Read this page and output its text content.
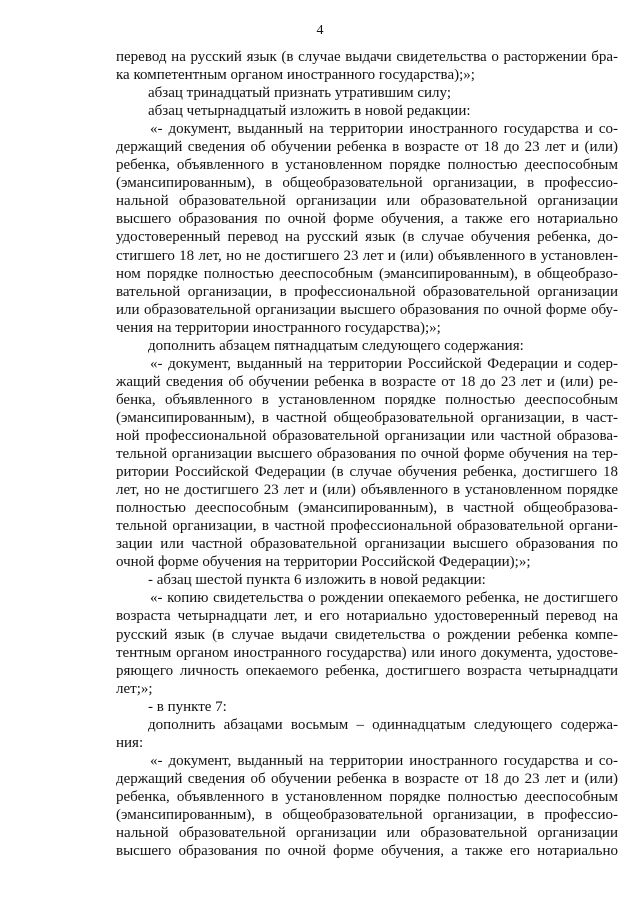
4
перевод на русский язык (в случае выдачи свидетельства о расторжении бра-
ка компетентным органом иностранного государства);»;
абзац тринадцатый признать утратившим силу;
абзац четырнадцатый изложить в новой редакции:
«- документ, выданный на территории иностранного государства и со-
держащий сведения об обучении ребенка в возрасте от 18 до 23 лет и (или)
ребенка, объявленного в установленном порядке полностью дееспособным
(эмансипированным), в общеобразовательной организации, в профессио-
нальной образовательной организации или образовательной организации
высшего образования по очной форме обучения, а также его нотариально
удостоверенный перевод на русский язык (в случае обучения ребенка, до-
стигшего 18 лет, но не достигшего 23 лет и (или) объявленного в установлен-
ном порядке полностью дееспособным (эмансипированным), в общеобразо-
вательной организации, в профессиональной образовательной организации
или образовательной организации высшего образования по очной форме обу-
чения на территории иностранного государства);»;
дополнить абзацем пятнадцатым следующего содержания:
«- документ, выданный на территории Российской Федерации и содер-
жащий сведения об обучении ребенка в возрасте от 18 до 23 лет и (или) ре-
бенка, объявленного в установленном порядке полностью дееспособным
(эмансипированным), в частной общеобразовательной организации, в част-
ной профессиональной образовательной организации или частной образова-
тельной организации высшего образования по очной форме обучения на тер-
ритории Российской Федерации (в случае обучения ребенка, достигшего 18
лет, но не достигшего 23 лет и (или) объявленного в установленном порядке
полностью дееспособным (эмансипированным), в частной общеобразова-
тельной организации, в частной профессиональной образовательной органи-
зации или частной образовательной организации высшего образования по
очной форме обучения на территории Российской Федерации);»;
- абзац шестой пункта 6 изложить в новой редакции:
«- копию свидетельства о рождении опекаемого ребенка, не достигшего
возраста четырнадцати лет, и его нотариально удостоверенный перевод на
русский язык (в случае выдачи свидетельства о рождении ребенка компе-
тентным органом иностранного государства) или иного документа, удостове-
ряющего личность опекаемого ребенка, достигшего возраста четырнадцати
лет;»;
- в пункте 7:
дополнить абзацами восьмым – одиннадцатым следующего содержа-
ния:
«- документ, выданный на территории иностранного государства и со-
держащий сведения об обучении ребенка в возрасте от 18 до 23 лет и (или)
ребенка, объявленного в установленном порядке полностью дееспособным
(эмансипированным), в общеобразовательной организации, в профессио-
нальной образовательной организации или образовательной организации
высшего образования по очной форме обучения, а также его нотариально
